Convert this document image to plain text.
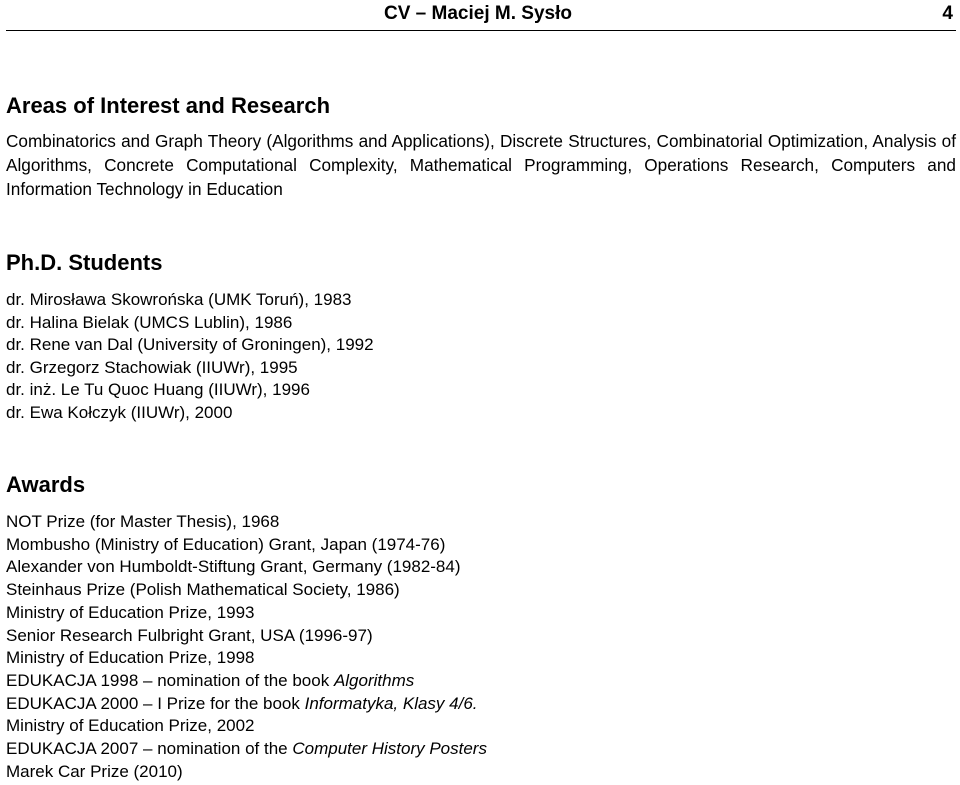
CV – Maciej M. Sysło	4
Areas of Interest and Research
Combinatorics and Graph Theory (Algorithms and Applications), Discrete Structures, Combinatorial Optimization, Analysis of Algorithms, Concrete Computational Complexity, Mathematical Programming, Operations Research, Computers and Information Technology in Education
Ph.D. Students
dr. Mirosława Skowrońska (UMK Toruń), 1983
dr. Halina Bielak (UMCS Lublin), 1986
dr. Rene van Dal (University of Groningen), 1992
dr. Grzegorz Stachowiak (IIUWr), 1995
dr. inż. Le Tu Quoc Huang (IIUWr), 1996
dr. Ewa Kołczyk (IIUWr), 2000
Awards
NOT Prize (for Master Thesis), 1968
Mombusho (Ministry of Education) Grant, Japan (1974-76)
Alexander von Humboldt-Stiftung Grant, Germany (1982-84)
Steinhaus Prize (Polish Mathematical Society, 1986)
Ministry of Education Prize, 1993
Senior Research Fulbright Grant, USA (1996-97)
Ministry of Education Prize, 1998
EDUKACJA 1998 – nomination of the book Algorithms
EDUKACJA 2000 – I Prize for the book Informatyka, Klasy 4/6.
Ministry of Education Prize, 2002
EDUKACJA 2007 – nomination of the Computer History Posters
Marek Car Prize (2010)
